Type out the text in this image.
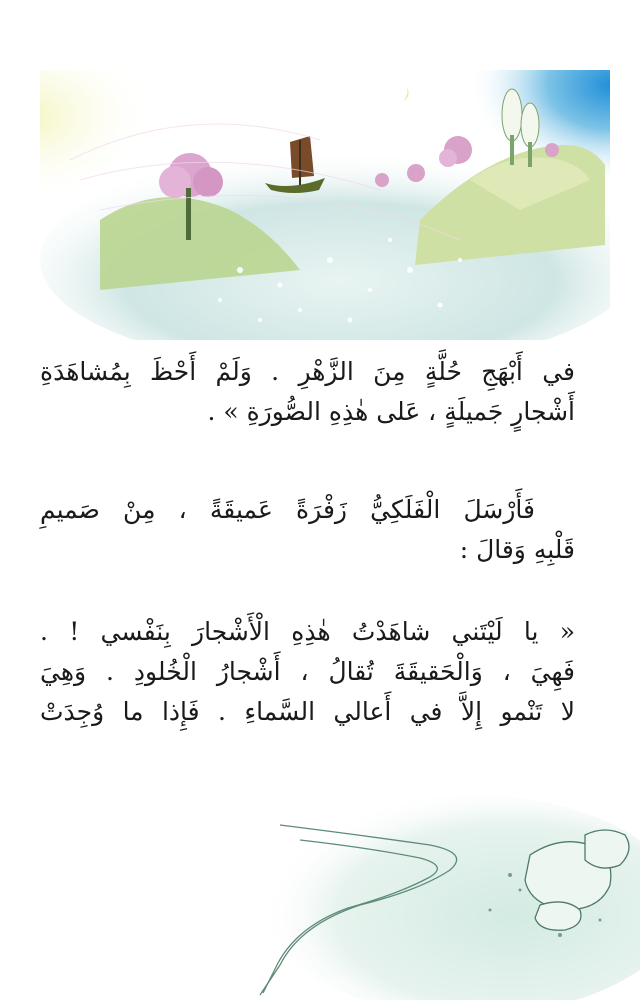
في أَبْهَجِ حُلَّةٍ مِنَ الزَّهْرِ . وَلَمْ أَحْظَ بِمُشاهَدَةِ
أَشْجارٍ جَميلَةٍ ، عَلى هٰذِهِ الصُّورَةِ » .
فَأَرْسَلَ الْفَلَكِيُّ زَفْرَةً عَميقَةً ، مِنْ صَميمِ
قَلْبِهِ وَقالَ :
« يا لَيْتَني شاهَدْتُ هٰذِهِ الْأَشْجارَ بِنَفْسي ! .
فَهِيَ ، وَالْحَقيقَةَ تُقالُ ، أَشْجارُ الْخُلودِ . وَهِيَ
لا تَنْمو إِلاَّ في أَعالي السَّماءِ . فَإِذا ما وُجِدَتْ
